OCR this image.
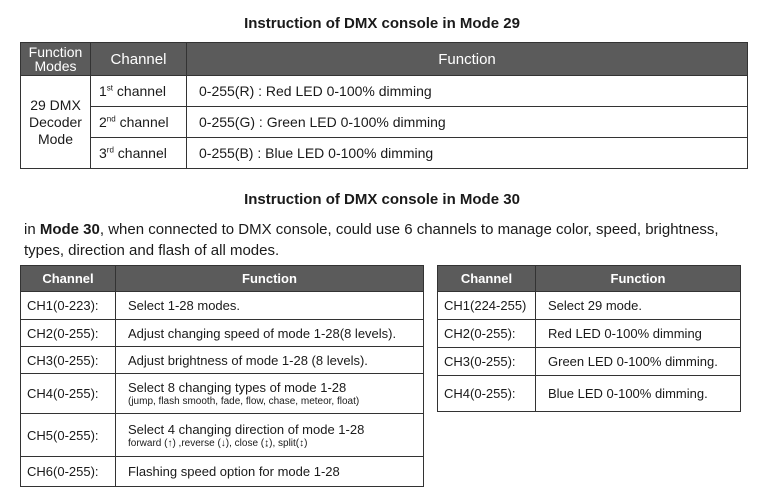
Instruction of DMX console in Mode 29
Function Modes	Channel	Function
29 DMX Decoder Mode	1st channel	0-255(R) : Red LED 0-100% dimming
	2nd channel	0-255(G) : Green LED 0-100% dimming
	3rd channel	0-255(B) : Blue LED 0-100% dimming
Instruction of DMX console in Mode 30
in Mode 30, when connected to DMX console, could use 6 channels to manage color, speed, brightness, types, direction and flash of all modes.
Channel	Function
CH1(0-223):	Select 1-28 modes.
CH2(0-255):	Adjust changing speed of mode 1-28(8 levels).
CH3(0-255):	Adjust brightness of mode 1-28 (8 levels).
CH4(0-255):	Select 8 changing types of mode 1-28
(jump, flash smooth, fade, flow, chase, meteor, float)

CH5(0-255):	Select 4 changing direction of mode 1-28
forward (↑) ,reverse (↓), close (↨), split(↕)

CH6(0-255):	Flashing speed option for mode 1-28
Channel	Function
CH1(224-255)	Select 29 mode.
CH2(0-255):	Red LED 0-100% dimming
CH3(0-255):	Green LED 0-100% dimming.
CH4(0-255):	Blue LED 0-100% dimming.
